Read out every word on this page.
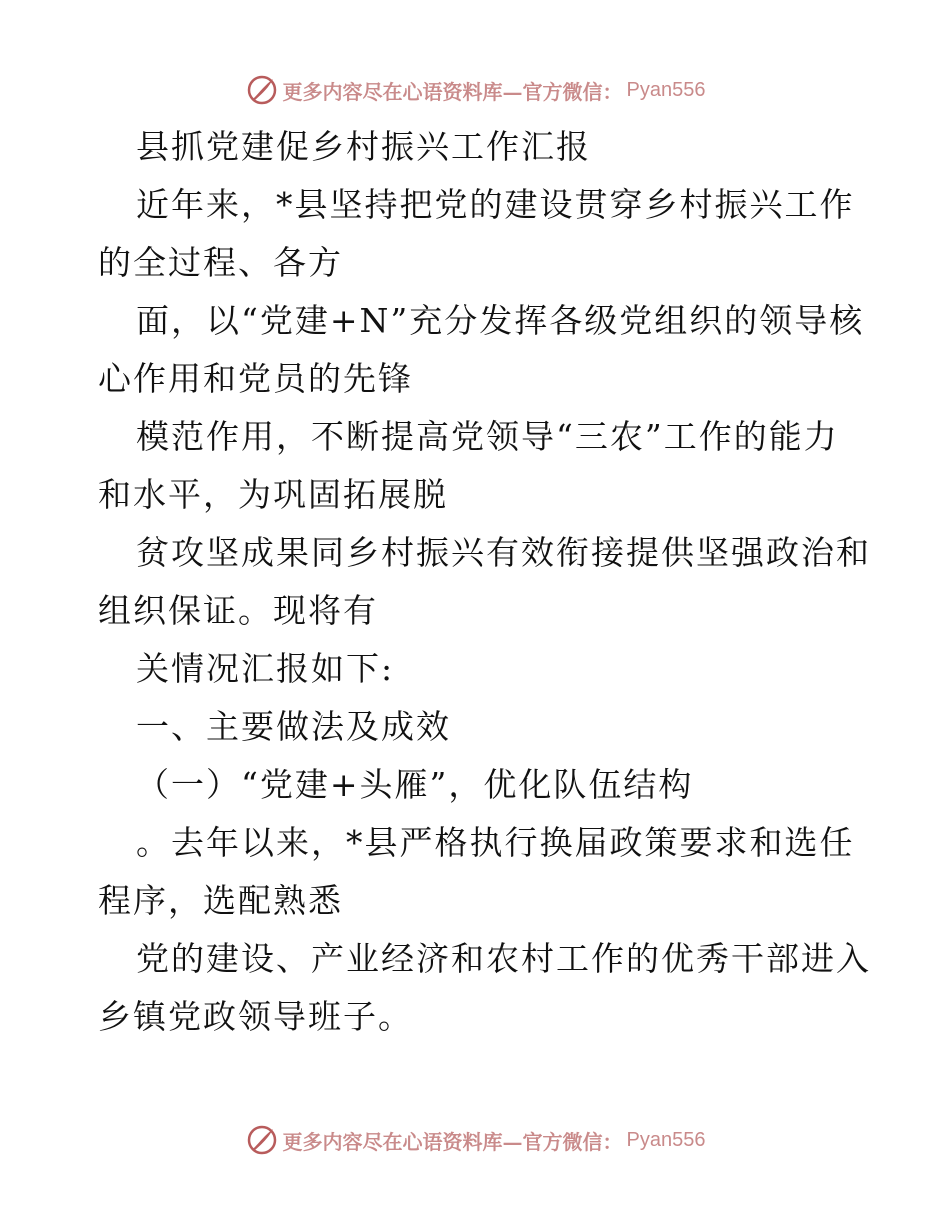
更多内容尽在心语资料库—官方微信： Pyan556
县抓党建促乡村振兴工作汇报
近年来，*县坚持把党的建设贯穿乡村振兴工作
的全过程、各方
面，以“党建+N”充分发挥各级党组织的领导核
心作用和党员的先锋
模范作用，不断提高党领导“三农”工作的能力
和水平，为巩固拓展脱
贫攻坚成果同乡村振兴有效衔接提供坚强政治和
组织保证。现将有
关情况汇报如下:
一、主要做法及成效
（一）“党建+头雁”，优化队伍结构
。去年以来，*县严格执行换届政策要求和选任
程序，选配熟悉
党的建设、产业经济和农村工作的优秀干部进入
乡镇党政领导班子。
更多内容尽在心语资料库—官方微信： Pyan556
